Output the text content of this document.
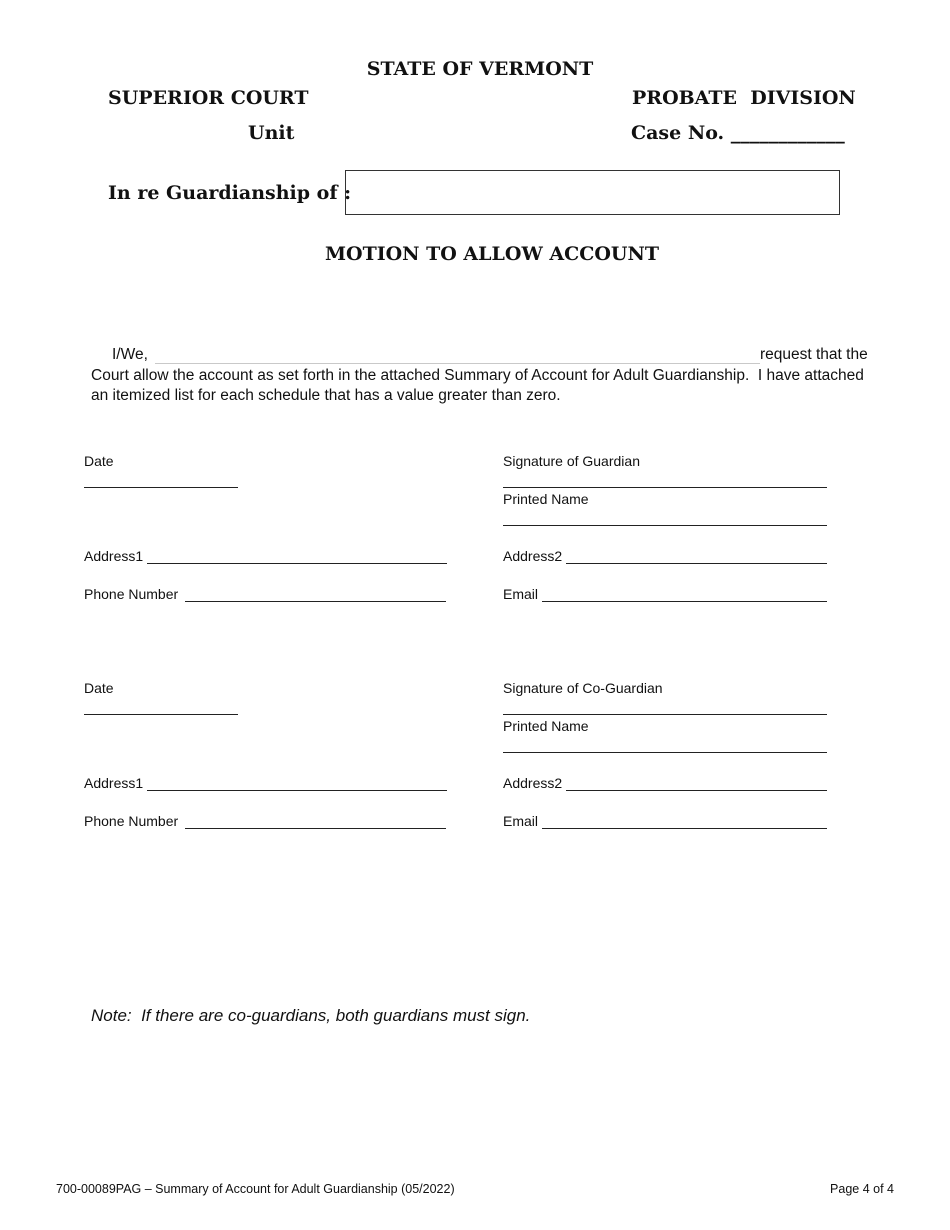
STATE OF VERMONT
SUPERIOR COURT	PROBATE  DIVISION
Unit	Case No. ____________
In re Guardianship of :
MOTION TO ALLOW ACCOUNT
I/We,	request that the
Court allow the account as set forth in the attached Summary of Account for Adult Guardianship.  I have attached
an itemized list for each schedule that has a value greater than zero.
Date	Signature of Guardian
Printed Name
Address1	Address2
Phone Number	Email
Date	Signature of Co-Guardian
Printed Name
Address1	Address2
Phone Number	Email
Note:  If there are co-guardians, both guardians must sign.
700-00089PAG – Summary of Account for Adult Guardianship (05/2022)	Page 4 of 4
